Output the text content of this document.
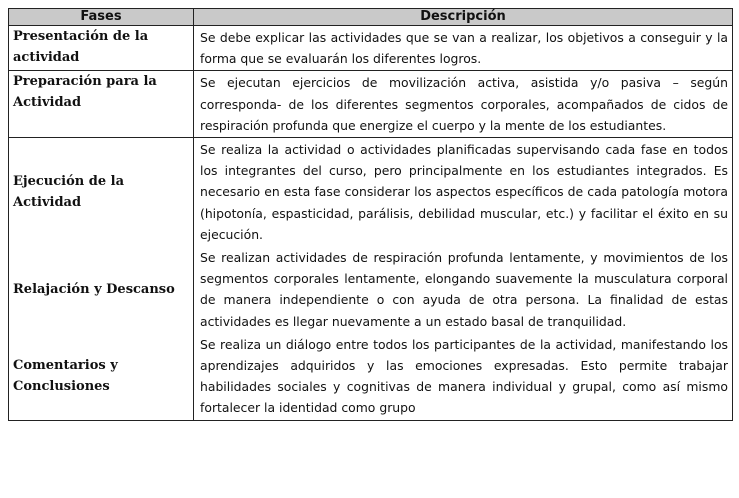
Fases	Descripción
Presentación de la actividad	Se debe explicar las actividades que se van a realizar, los objetivos a conseguir y la forma que se evaluarán los diferentes logros.
Preparación para la Actividad	Se ejecutan ejercicios de movilización activa, asistida y/o pasiva – según corresponda- de los diferentes segmentos corporales, acompañados de cidos de respiración profunda que energize el cuerpo y la mente de los estudiantes.
Ejecución de la Actividad	Se realiza la actividad o actividades planificadas supervisando cada fase en todos los integrantes del curso, pero principalmente en los estudiantes integrados. Es necesario en esta fase considerar los aspectos específicos de cada patología motora (hipotonía, espasticidad, parálisis, debilidad muscular, etc.) y facilitar el éxito en su ejecución.
Relajación y Descanso	Se realizan actividades de respiración profunda lentamente, y movimientos de los segmentos corporales lentamente, elongando suavemente la musculatura corporal de manera independiente o con ayuda de otra persona. La finalidad de estas actividades es llegar nuevamente a un estado basal de tranquilidad.
Comentarios y Conclusiones	Se realiza un diálogo entre todos los participantes de la actividad, manifestando los aprendizajes adquiridos y las emociones expresadas. Esto permite trabajar habilidades sociales y cognitivas de manera individual y grupal, como así mismo fortalecer la identidad como grupo
